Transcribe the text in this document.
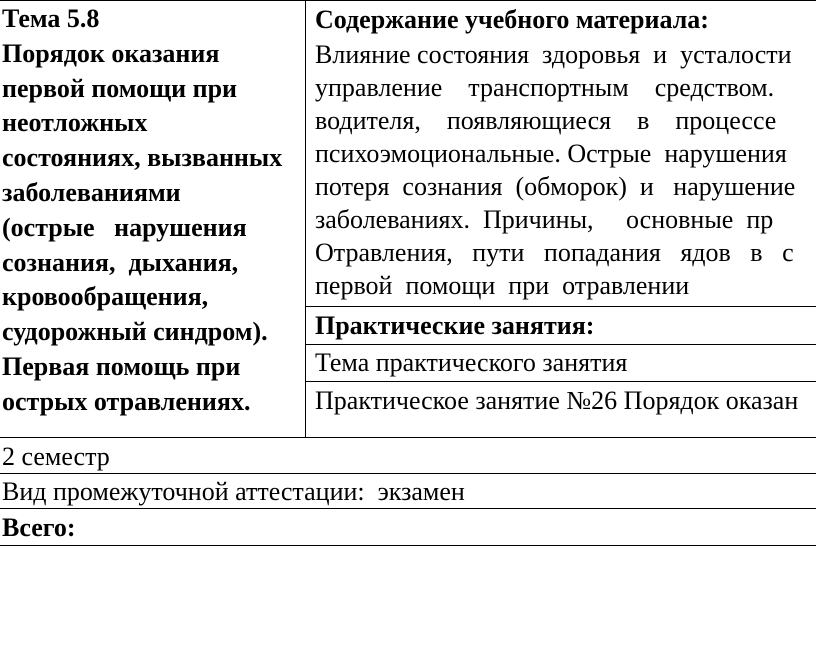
Тема 5.8
Порядок оказания
первой помощи при
неотложных
состояниях, вызванных
заболеваниями
(острые   нарушения
сознания,  дыхания,
кровообращения,
судорожный синдром).
Первая помощь при
острых отравлениях.
Содержание учебного материала:
Влияние состояния  здоровья  и  усталости
управление    транспортным    средством.
водителя,    появляющиеся    в    процессе
психоэмоциональные. Острые  нарушения
потеря  сознания  (обморок)  и   нарушение
заболеваниях.  Причины,     основные  пр
Отравления,   пути   попадания   ядов   в   с
первой  помощи  при  отравлении
Практические занятия:
Тема практического занятия
Практическое занятие №26 Порядок оказан
2 семестр
Вид промежуточной аттестации:  экзамен
Всего:
